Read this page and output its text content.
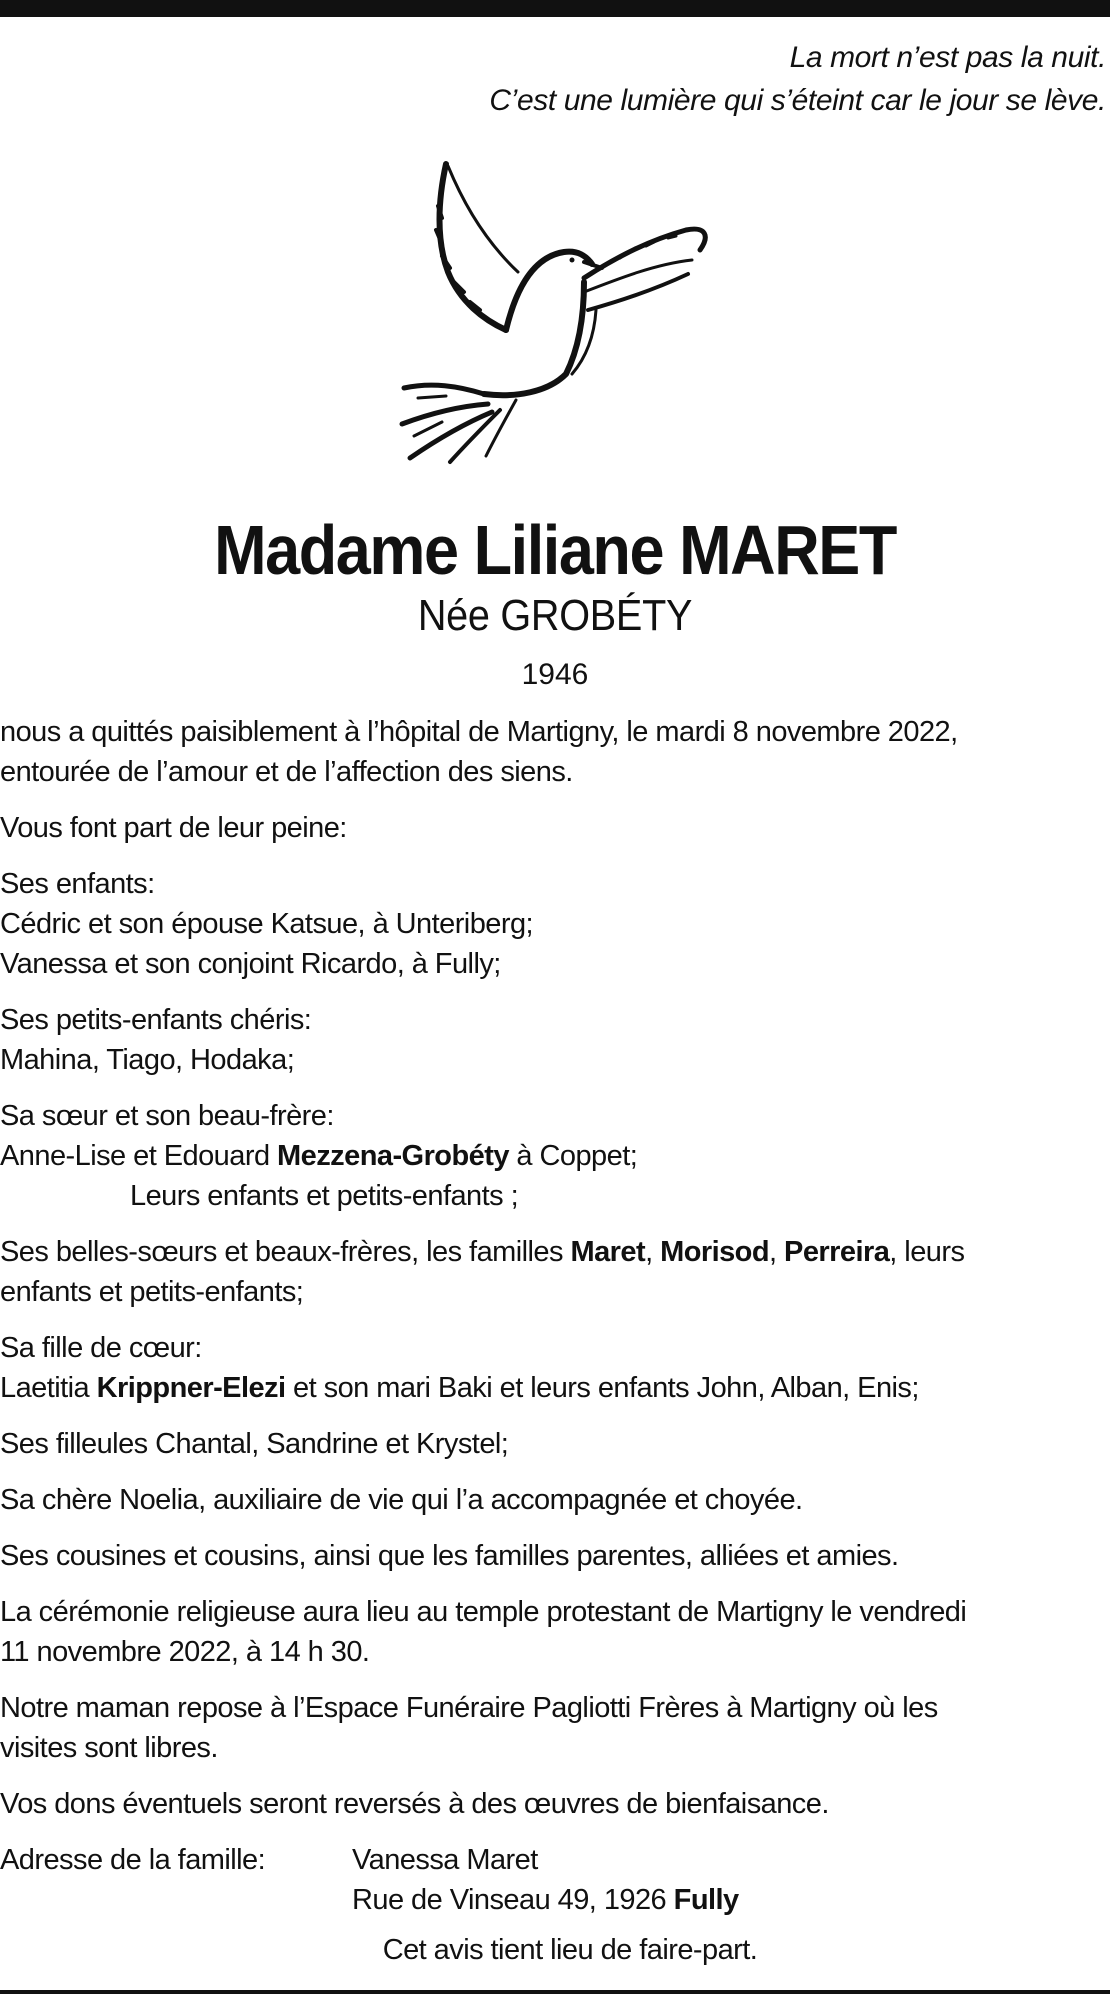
La mort n’est pas la nuit.
C’est une lumière qui s’éteint car le jour se lève.
Madame Liliane MARET
Née GROBÉTY
1946
nous a quittés paisiblement à l’hôpital de Martigny, le mardi 8 novembre 2022,
entourée de l’amour et de l’affection des siens.
Vous font part de leur peine:
Ses enfants:
Cédric et son épouse Katsue, à Unteriberg;
Vanessa et son conjoint Ricardo, à Fully;
Ses petits-enfants chéris:
Mahina, Tiago, Hodaka;
Sa sœur et son beau-frère:
Anne-Lise et Edouard Mezzena-Grobéty à Coppet;
Leurs enfants et petits-enfants ;
Ses belles-sœurs et beaux-frères, les familles Maret, Morisod, Perreira, leurs
enfants et petits-enfants;
Sa fille de cœur:
Laetitia Krippner-Elezi et son mari Baki et leurs enfants John, Alban, Enis;
Ses filleules Chantal, Sandrine et Krystel;
Sa chère Noelia, auxiliaire de vie qui l’a accompagnée et choyée.
Ses cousines et cousins, ainsi que les familles parentes, alliées et amies.
La cérémonie religieuse aura lieu au temple protestant de Martigny le vendredi
11 novembre 2022, à 14 h 30.
Notre maman repose à l’Espace Funéraire Pagliotti Frères à Martigny où les
visites sont libres.
Vos dons éventuels seront reversés à des œuvres de bienfaisance.
Adresse de la famille:	Vanessa Maret
Rue de Vinseau 49, 1926 Fully
Cet avis tient lieu de faire-part.
